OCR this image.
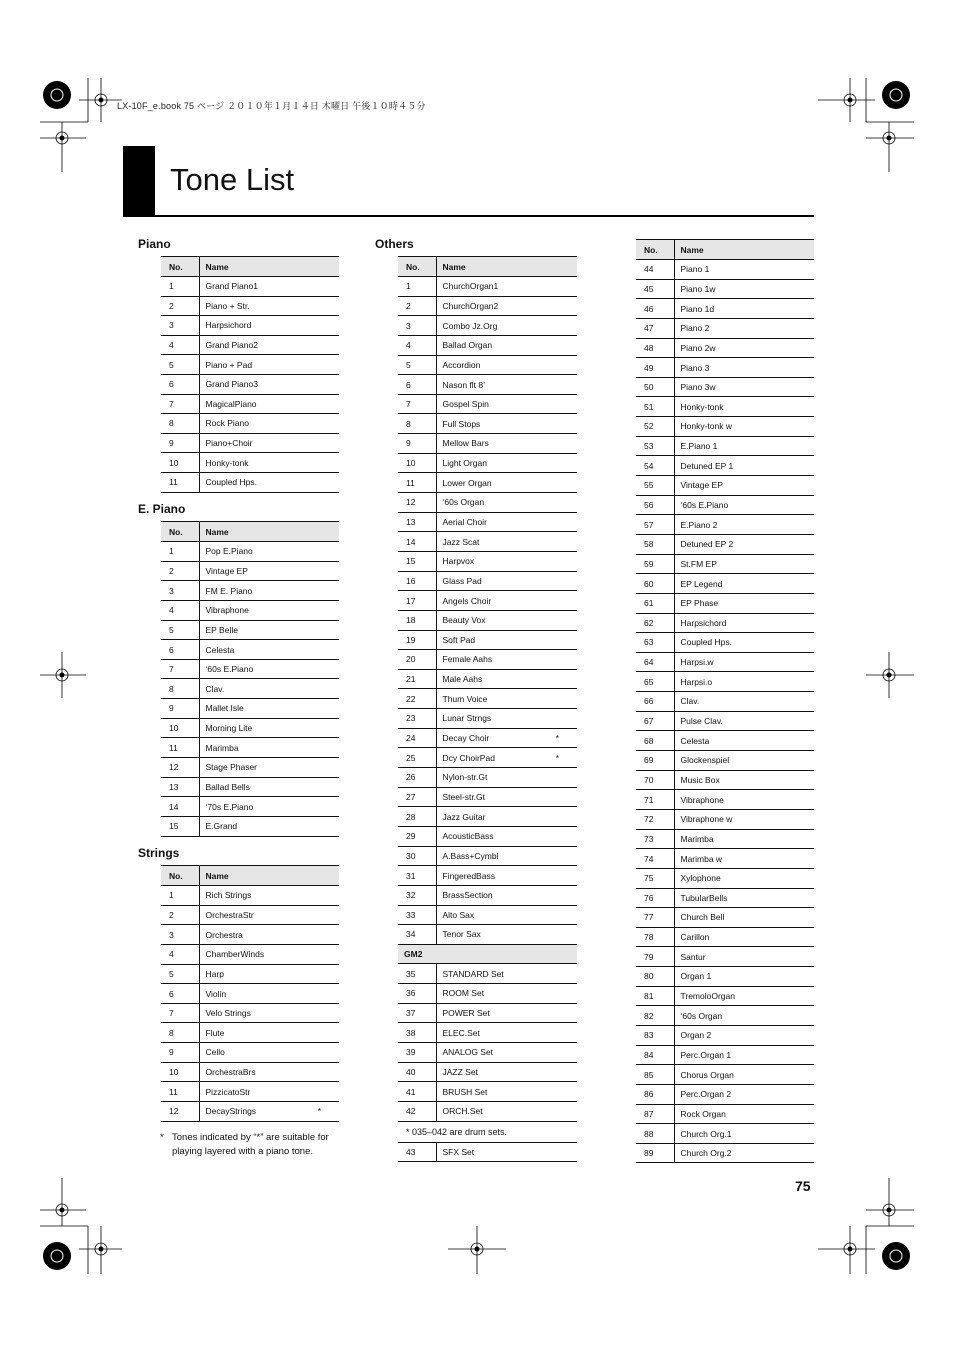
LX-10F_e.book 75 ページ ２０１０年１月１４日 木曜日 午後１０時４５分
Tone List
Piano
No.	Name
1	Grand Piano1
2	Piano + Str.
3	Harpsichord
4	Grand Piano2
5	Piano + Pad
6	Grand Piano3
7	MagicalPiano
8	Rock Piano
9	Piano+Choir
10	Honky-tonk
11	Coupled Hps.
E. Piano
No.	Name
1	Pop E.Piano
2	Vintage EP
3	FM E. Piano
4	Vibraphone
5	EP Belle
6	Celesta
7	‘60s E.Piano
8	Clav.
9	Mallet Isle
10	Morning Lite
11	Marimba
12	Stage Phaser
13	Ballad Bells
14	‘70s E.Piano
15	E.Grand
Strings
No.	Name
1	Rich Strings
2	OrchestraStr
3	Orchestra
4	ChamberWinds
5	Harp
6	Violin
7	Velo Strings
8	Flute
9	Cello
10	OrchestraBrs
11	PizzicatoStr
12	DecayStrings *
* Tones indicated by “*” are suitable for playing layered with a piano tone.
Others
No.	Name
1	ChurchOrgan1
2	ChurchOrgan2
3	Combo Jz.Org
4	Ballad Organ
5	Accordion
6	Nason flt 8’
7	Gospel Spin
8	Full Stops
9	Mellow Bars
10	Light Organ
11	Lower Organ
12	‘60s Organ
13	Aerial Choir
14	Jazz Scat
15	Harpvox
16	Glass Pad
17	Angels Choir
18	Beauty Vox
19	Soft Pad
20	Female Aahs
21	Male Aahs
22	Thum Voice
23	Lunar Strngs
24	Decay Choir *

25	Dcy ChoirPad *

26	Nylon-str.Gt
27	Steel-str.Gt
28	Jazz Guitar
29	AcousticBass
30	A.Bass+Cymbl
31	FingeredBass
32	BrassSection
33	Alto Sax
34	Tenor Sax
GM2	
35	STANDARD Set
36	ROOM Set
37	POWER Set
38	ELEC.Set
39	ANALOG Set
40	JAZZ Set
41	BRUSH Set
42	ORCH.Set
* 035–042 are drum sets.	
43	SFX Set
No.	Name
44	Piano 1
45	Piano 1w
46	Piano 1d
47	Piano 2
48	Piano 2w
49	Piano 3
50	Piano 3w
51	Honky-tonk
52	Honky-tonk w
53	E.Piano 1
54	Detuned EP 1
55	Vintage EP
56	‘60s E.Piano
57	E.Piano 2
58	Detuned EP 2
59	St.FM EP
60	EP Legend
61	EP Phase
62	Harpsichord
63	Coupled Hps.
64	Harpsi.w
65	Harpsi.o
66	Clav.
67	Pulse Clav.
68	Celesta
69	Glockenspiel
70	Music Box
71	Vibraphone
72	Vibraphone w
73	Marimba
74	Marimba w
75	Xylophone
76	TubularBells
77	Church Bell
78	Carillon
79	Santur
80	Organ 1
81	TremoloOrgan
82	‘60s Organ
83	Organ 2
84	Perc.Organ 1
85	Chorus Organ
86	Perc.Organ 2
87	Rock Organ
88	Church Org.1
89	Church Org.2
75
